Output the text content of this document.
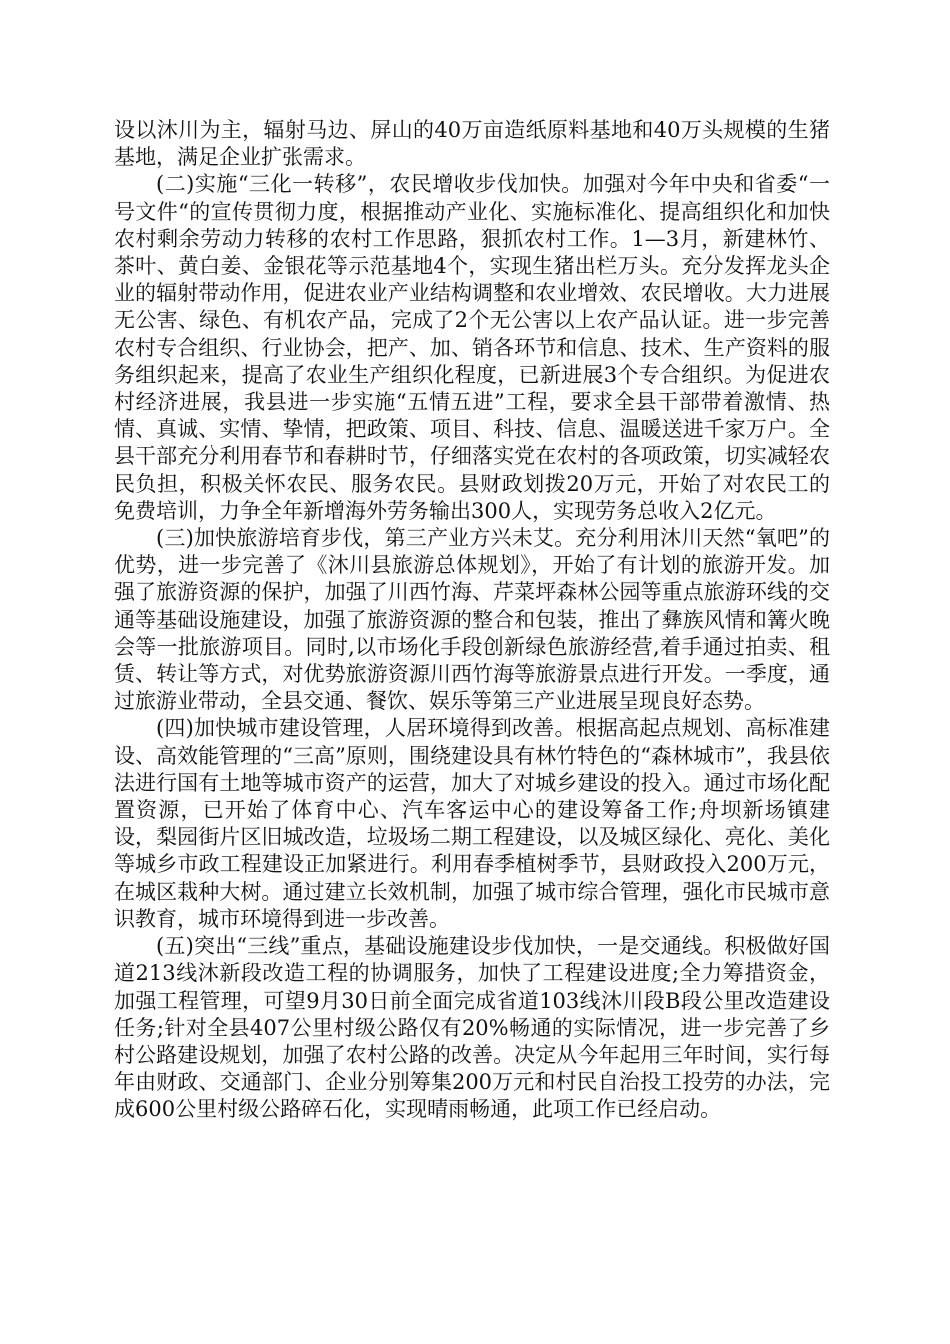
设以沐川为主，辐射马边、屏山的40万亩造纸原料基地和40万头规模的生猪基地，满足企业扩张需求。

(二)实施“三化一转移”，农民增收步伐加快。加强对今年中央和省委“一号文件“的宣传贯彻力度，根据推动产业化、实施标准化、提高组织化和加快农村剩余劳动力转移的农村工作思路，狠抓农村工作。1—3月，新建林竹、茶叶、黄白姜、金银花等示范基地4个，实现生猪出栏万头。充分发挥龙头企业的辐射带动作用，促进农业产业结构调整和农业增效、农民增收。大力进展无公害、绿色、有机农产品，完成了2个无公害以上农产品认证。进一步完善农村专合组织、行业协会，把产、加、销各环节和信息、技术、生产资料的服务组织起来，提高了农业生产组织化程度，已新进展3个专合组织。为促进农村经济进展，我县进一步实施“五情五进”工程，要求全县干部带着激情、热情、真诚、实情、挚情，把政策、项目、科技、信息、温暖送进千家万户。全县干部充分利用春节和春耕时节，仔细落实党在农村的各项政策，切实减轻农民负担，积极关怀农民、服务农民。县财政划拨20万元，开始了对农民工的免费培训，力争全年新增海外劳务输出300人，实现劳务总收入2亿元。

(三)加快旅游培育步伐，第三产业方兴未艾。充分利用沐川天然“氧吧”的优势，进一步完善了《沐川县旅游总体规划》，开始了有计划的旅游开发。加强了旅游资源的保护，加强了川西竹海、芹菜坪森林公园等重点旅游环线的交通等基础设施建设，加强了旅游资源的整合和包装，推出了彝族风情和篝火晚会等一批旅游项目。同时,以市场化手段创新绿色旅游经营,着手通过拍卖、租赁、转让等方式，对优势旅游资源川西竹海等旅游景点进行开发。一季度，通过旅游业带动，全县交通、餐饮、娱乐等第三产业进展呈现良好态势。

(四)加快城市建设管理，人居环境得到改善。根据高起点规划、高标准建设、高效能管理的“三高”原则，围绕建设具有林竹特色的“森林城市”，我县依法进行国有土地等城市资产的运营，加大了对城乡建设的投入。通过市场化配置资源，已开始了体育中心、汽车客运中心的建设筹备工作;舟坝新场镇建设，梨园街片区旧城改造，垃圾场二期工程建设，以及城区绿化、亮化、美化等城乡市政工程建设正加紧进行。利用春季植树季节，县财政投入200万元，在城区栽种大树。通过建立长效机制，加强了城市综合管理，强化市民城市意识教育，城市环境得到进一步改善。

(五)突出“三线”重点，基础设施建设步伐加快，一是交通线。积极做好国道213线沐新段改造工程的协调服务，加快了工程建设进度;全力筹措资金，加强工程管理，可望9月30日前全面完成省道103线沐川段B段公里改造建设任务;针对全县407公里村级公路仅有20%畅通的实际情况，进一步完善了乡村公路建设规划，加强了农村公路的改善。决定从今年起用三年时间，实行每年由财政、交通部门、企业分别筹集200万元和村民自治投工投劳的办法，完成600公里村级公路碎石化，实现晴雨畅通，此项工作已经启动。
